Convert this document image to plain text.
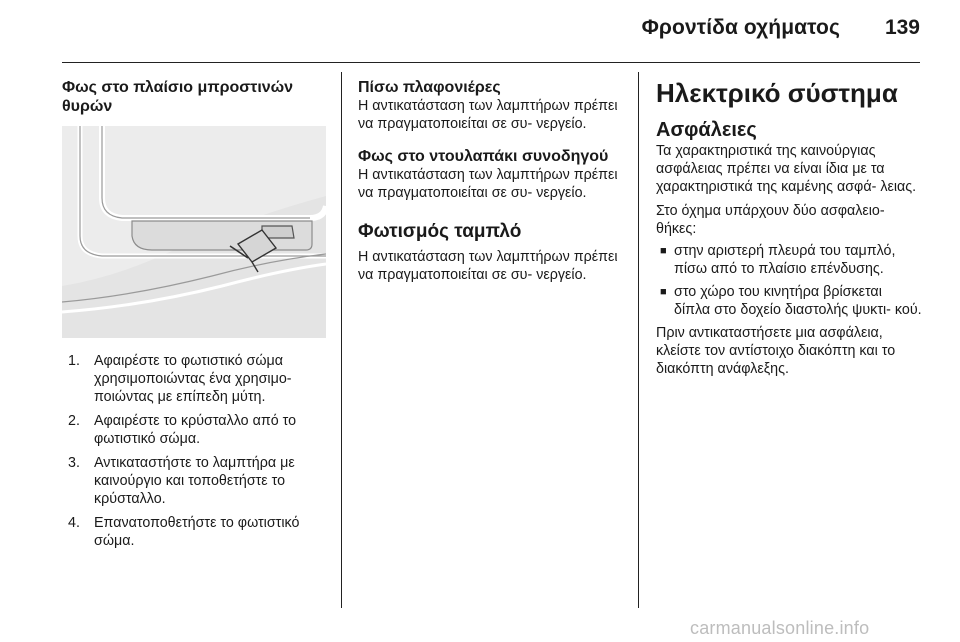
Φροντίδα οχήματος 139
Φως στο πλαίσιο μπροστινών θυρών
1. Αφαιρέστε το φωτιστικό σώμα χρησιμοποιώντας ένα χρησιμο- ποιώντας με επίπεδη μύτη.
2. Αφαιρέστε το κρύσταλλο από το φωτιστικό σώμα.
3. Αντικαταστήστε το λαμπτήρα με καινούργιο και τοποθετήστε το κρύσταλλο.
4. Επανατοποθετήστε το φωτιστικό σώμα.
Πίσω πλαφονιέρες

Η αντικατάσταση των λαμπτήρων πρέπει να πραγματοποιείται σε συ- νεργείο.

Φως στο ντουλαπάκι συνοδηγού

Η αντικατάσταση των λαμπτήρων πρέπει να πραγματοποιείται σε συ- νεργείο.

Φωτισμός ταμπλό

Η αντικατάσταση των λαμπτήρων πρέπει να πραγματοποιείται σε συ- νεργείο.

Ηλεκτρικό σύστημα
Ασφάλειες

Τα χαρακτηριστικά της καινούργιας ασφάλειας πρέπει να είναι ίδια με τα χαρακτηριστικά της καμένης ασφά- λειας.

Στο όχημα υπάρχουν δύο ασφαλειο- θήκες:

■ στην αριστερή πλευρά του ταμπλό, πίσω από το πλαίσιο επένδυσης.
■ στο χώρο του κινητήρα βρίσκεται δίπλα στο δοχείο διαστολής ψυκτι- κού.

Πριν αντικαταστήσετε μια ασφάλεια, κλείστε τον αντίστοιχο διακόπτη και το διακόπτη ανάφλεξης.

carmanualsonline.info
